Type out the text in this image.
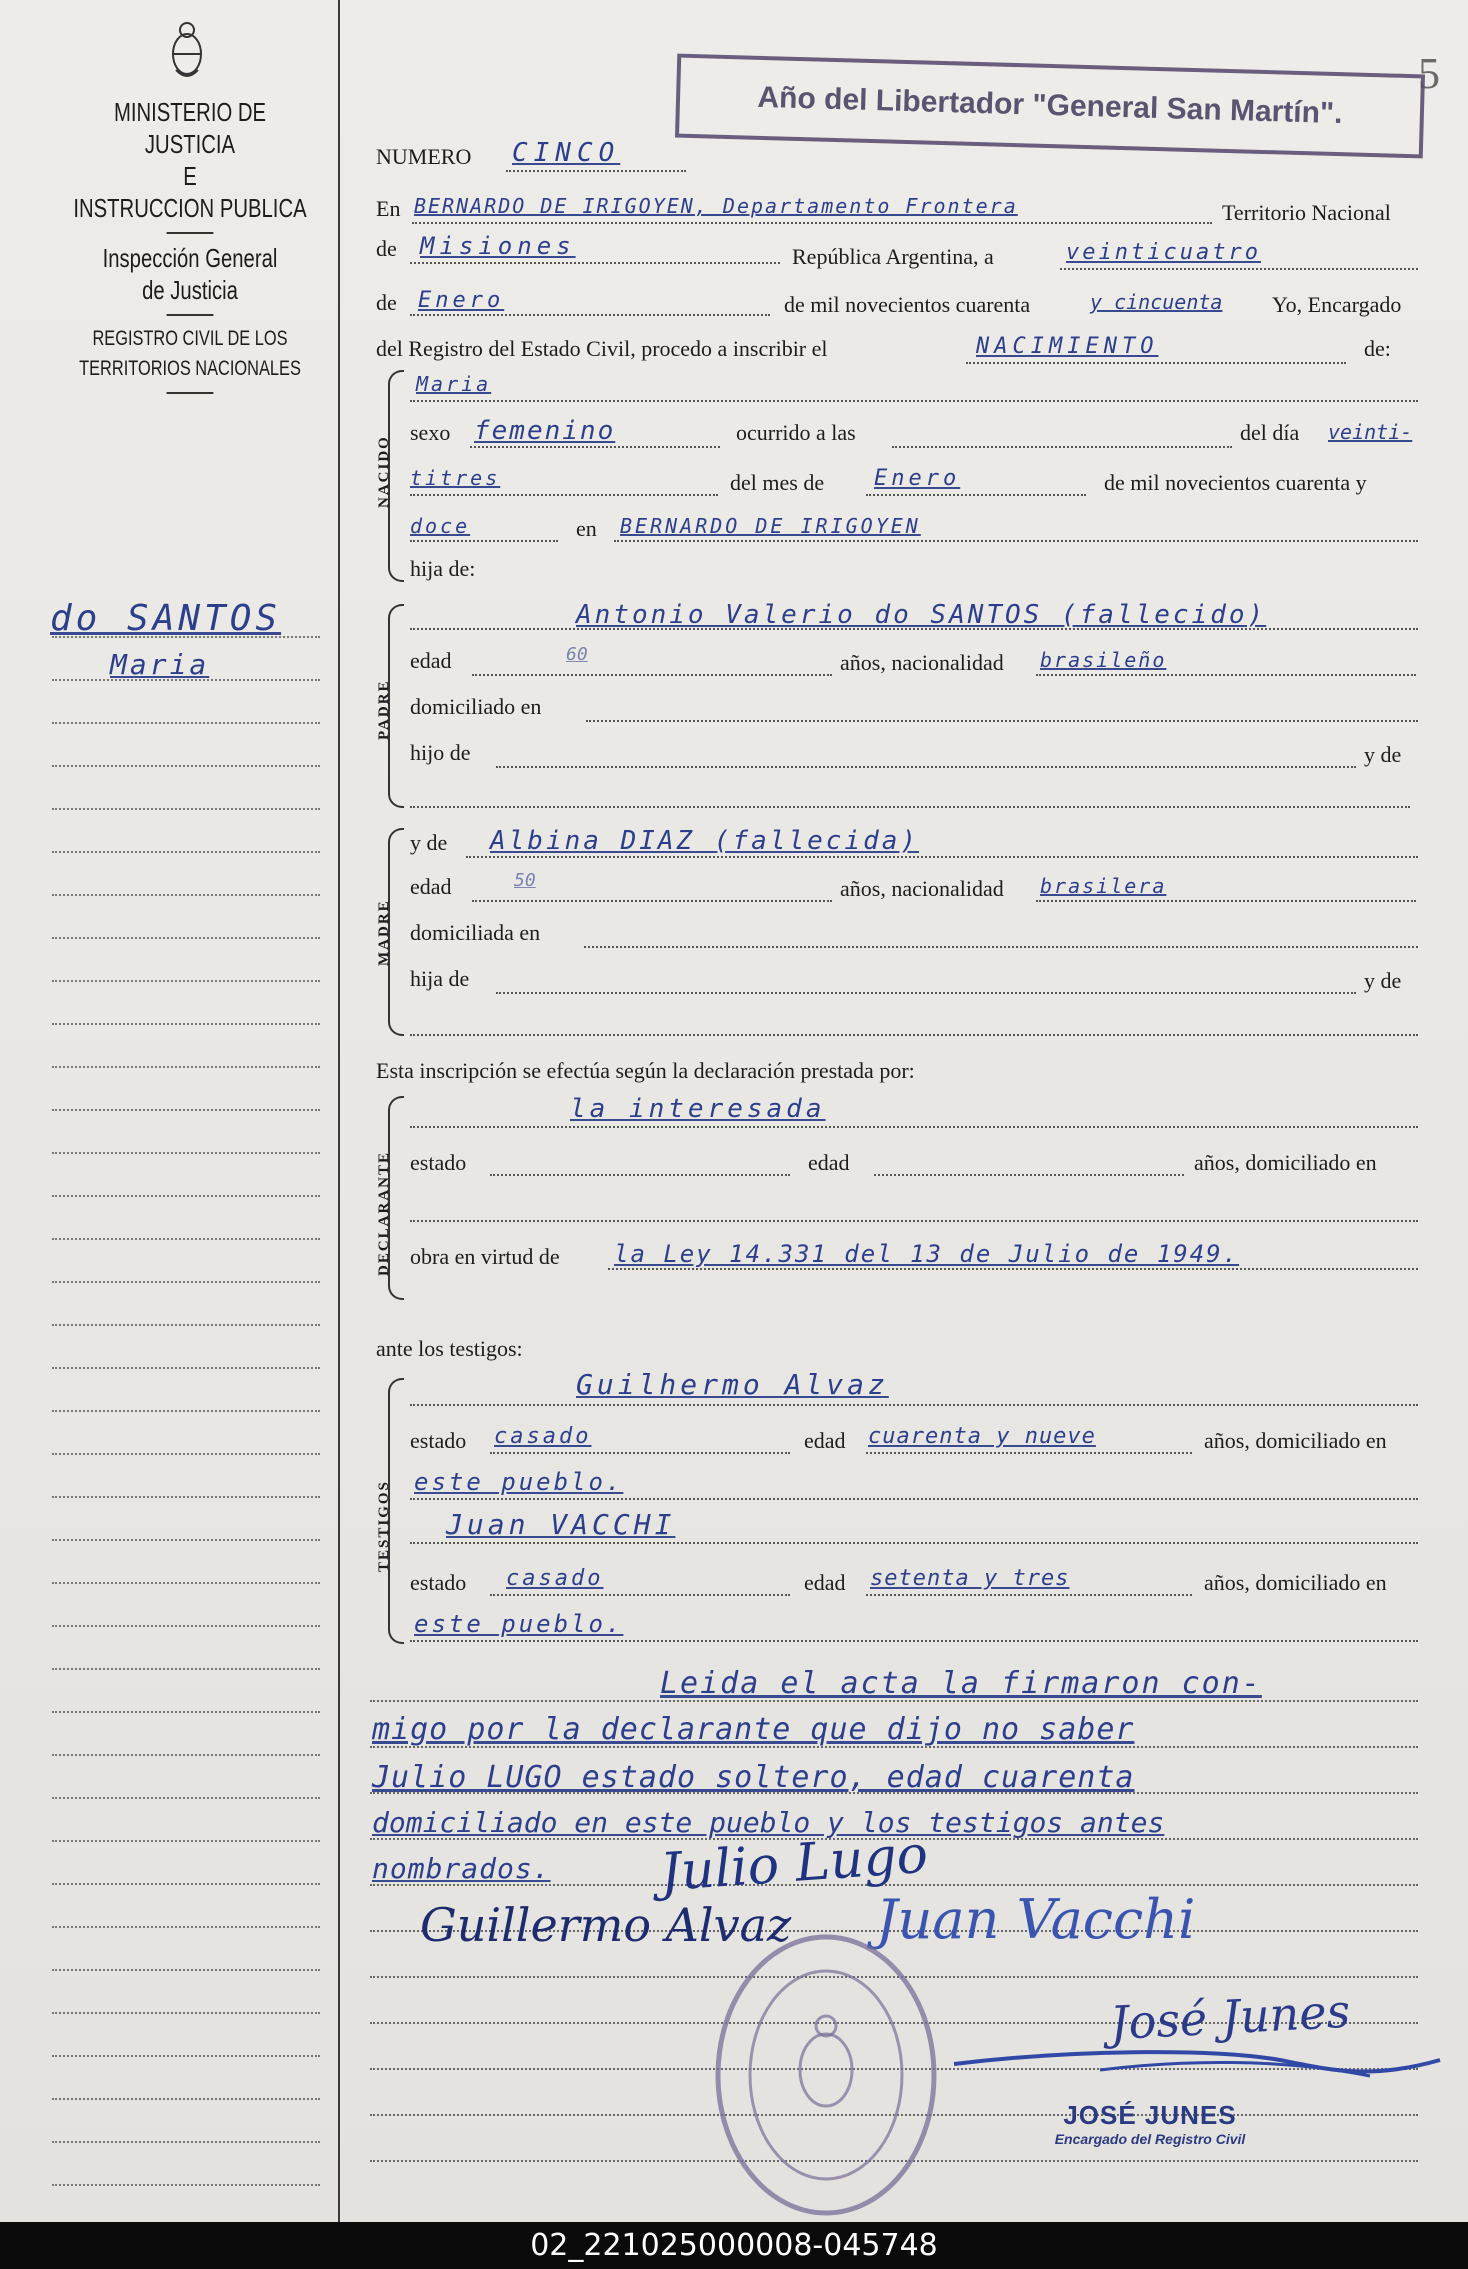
MINISTERIO DE JUSTICIA
E
INSTRUCCION PUBLICA
Inspección General
de Justicia
REGISTRO CIVIL DE LOS
TERRITORIOS NACIONALES
do SANTOS
Maria
5
Año del Libertador "General San Martín".
NUMERO CINCO
En BERNARDO DE IRIGOYEN, Departamento Frontera	Territorio Nacional
de Misiones	República Argentina, a	veinticuatro
de Enero	de mil novecientos cuarenta	y cincuenta Yo, Encargado
del Registro del Estado Civil, procedo a inscribir el	NACIMIENTO	de:
NACIDO
Maria
sexo femenino	ocurrido a las	del día veinti-
titres	del mes de Enero	de mil novecientos cuarenta y
doce	en BERNARDO DE IRIGOYEN
hija de:
PADRE
Antonio Valerio do SANTOS (fallecido)
edad	60	años, nacionalidad brasileño
domiciliado en
hijo de	y de
MADRE
y de Albina DIAZ (fallecida)
edad	50	años, nacionalidad brasilera
domiciliada en
hija de	y de
Esta inscripción se efectúa según la declaración prestada por:
DECLARANTE
la interesada
estado	edad	años, domiciliado en
obra en virtud de la Ley 14.331 del 13 de Julio de 1949.
ante los testigos:
TESTIGOS
Guilhermo Alvaz
estado casado	edad cuarenta y nueve	años, domiciliado en
este pueblo.
Juan VACCHI
estado casado	edad setenta y tres	años, domiciliado en
este pueblo.
Leida el acta la firmaron con-
migo por la declarante que dijo no saber
Julio LUGO estado soltero, edad cuarenta
domiciliado en este pueblo y los testigos antes
nombrados. Julio Lugo
Guillermo Alvaz Juan Vacchi
José Junes
JOSÉ JUNES
Encargado del Registro Civil
02_221025000008-045748
